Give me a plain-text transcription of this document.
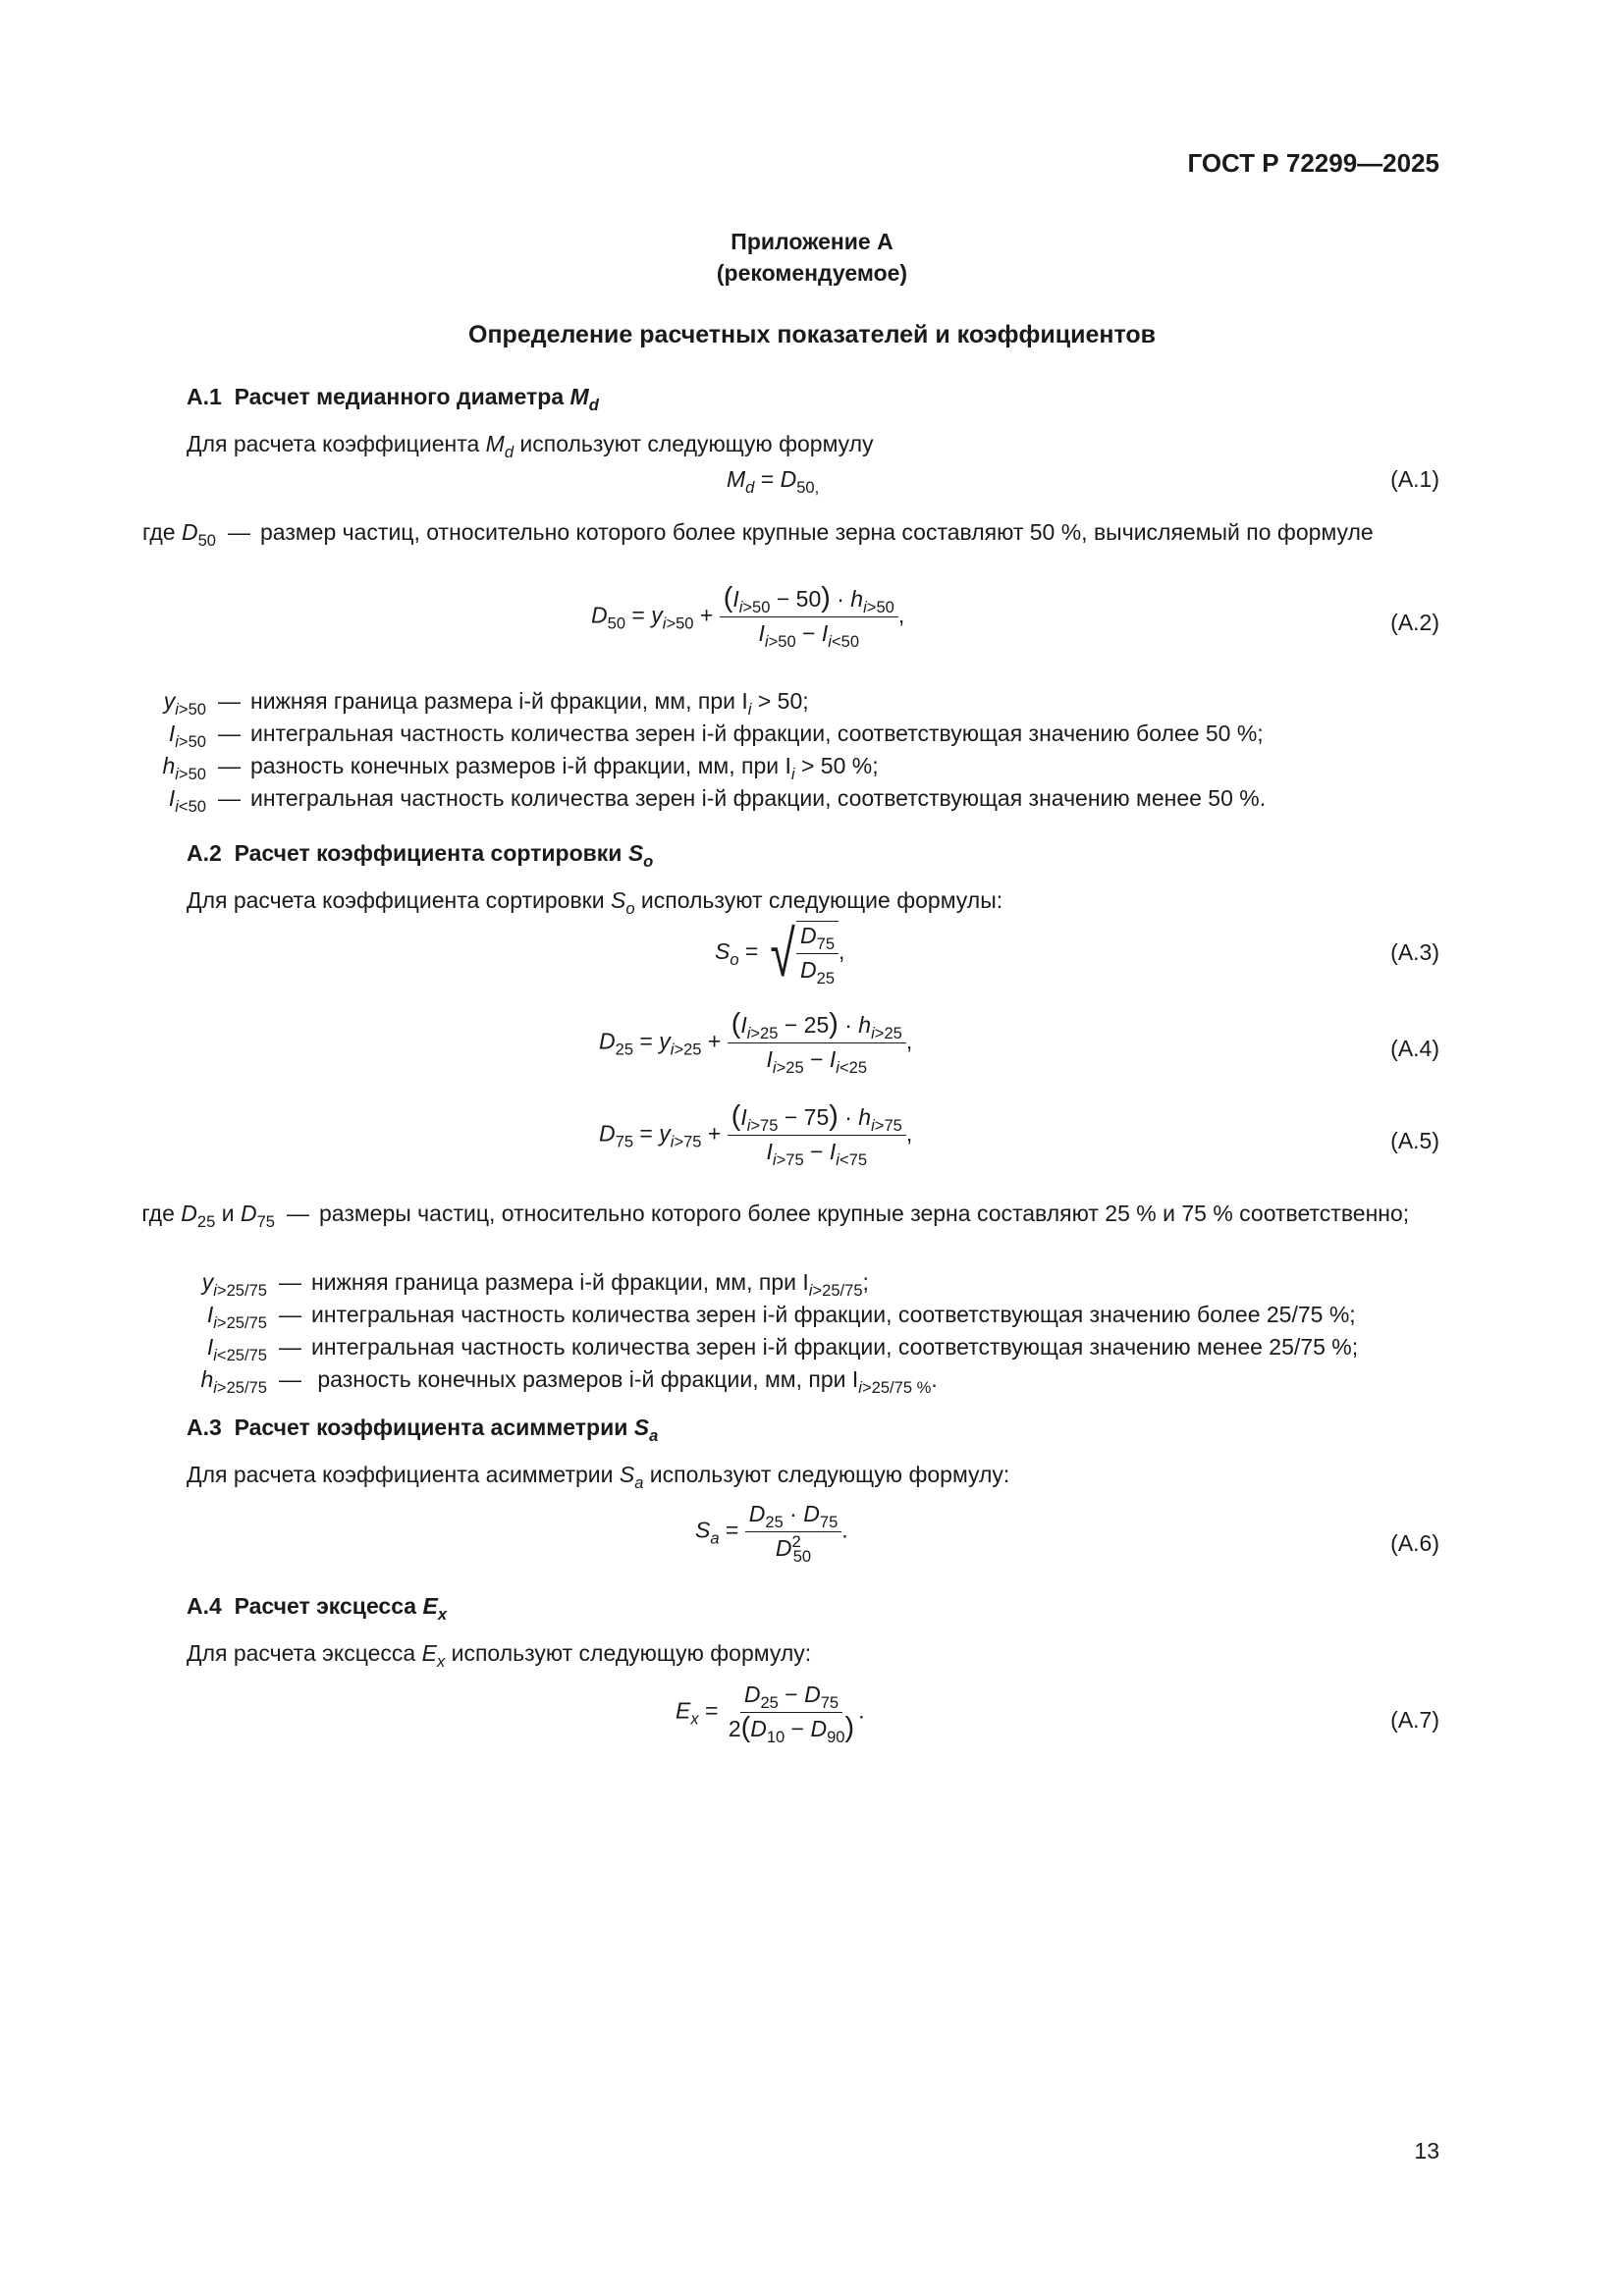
ГОСТ Р 72299—2025
Приложение А
(рекомендуемое)
Определение расчетных показателей и коэффициентов
А.1 Расчет медианного диаметра $M_d$
Для расчета коэффициента $M_d$ используют следующую формулу
$M_d = D_{50,}$	(А.1)
где $D_{50}$ — размер частиц, относительно которого более крупные зерна составляют 50 %, вычисляемый по формуле
$D_{50} = y_{i>50} + \frac{(I_{i>50} - 50) \cdot h_{i>50}}{I_{i>50} - I_{i<50}}$ ,	(А.2)
$y_{i>50}$ — нижняя граница размера i-й фракции, мм, при $I_i > 50$;
$I_{i>50}$ — интегральная частность количества зерен i-й фракции, соответствующая значению более 50 %;
$h_{i>50}$ — разность конечных размеров i-й фракции, мм, при $I_i > 50$ %;
$I_{i<50}$ — интегральная частность количества зерен i-й фракции, соответствующая значению менее 50 %.
А.2 Расчет коэффициента сортировки $S_o$
Для расчета коэффициента сортировки $S_o$ используют следующие формулы:
$S_o$ = √ $\frac{D_{75}}{D_{25}}$ ,	(А.3)
$D_{25} = y_{i>25} + \frac{(I_{i>25} - 25) \cdot h_{i>25}}{I_{i>25} - I_{i<25}}$ ,	(А.4)
$D_{75} = y_{i>75} + \frac{(I_{i>75} - 75) \cdot h_{i>75}}{I_{i>75} - I_{i<75}}$ ,	(А.5)
где $D_{25}$ и $D_{75}$ — размеры частиц, относительно которого более крупные зерна составляют 25 % и 75 % соответственно;
$y_{i>25/75}$ — нижняя граница размера i-й фракции, мм, при $I_{i>25/75}$;
$I_{i>25/75}$ — интегральная частность количества зерен i-й фракции, соответствующая значению более 25/75 %;
$I_{i<25/75}$ — интегральная частность количества зерен i-й фракции, соответствующая значению менее 25/75 %;
$h_{i>25/75}$ — разность конечных размеров i-й фракции, мм, при $I_{i>25/75 \%}$.
А.3 Расчет коэффициента асимметрии $S_a$
Для расчета коэффициента асимметрии $S_a$ используют следующую формулу:
$S_a = \frac{D_{25} \cdot D_{75}}{D^2_{50}}$ .
(А.6)
А.4 Расчет эксцесса $E_x$
Для расчета эксцесса $E_x$ используют следующую формулу:
$E_x = \frac{D_{25} - D_{75}}{2(D_{10} - D_{90})}$ .	(А.7)
13
